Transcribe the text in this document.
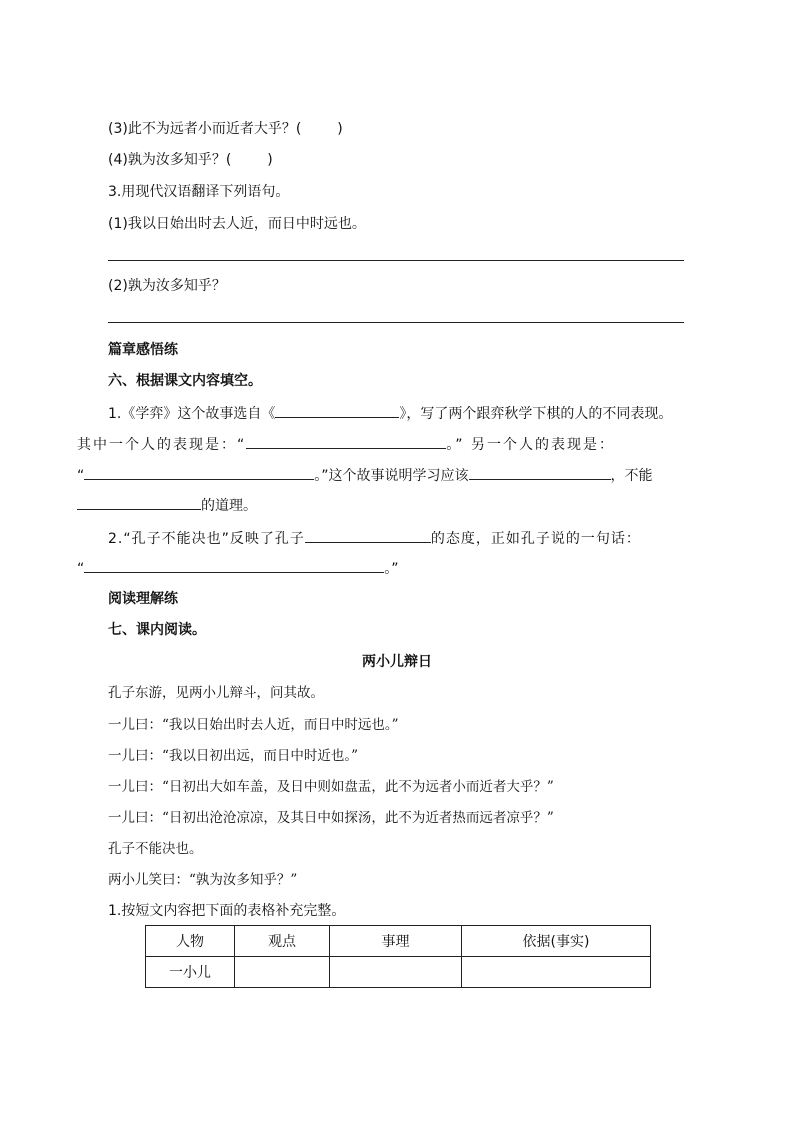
(3)此不为远者小而近者大乎？(	)
(4)孰为汝多知乎？(	)
3.用现代汉语翻译下列语句。
(1)我以日始出时去人近，而日中时远也。
(2)孰为汝多知乎？
篇章感悟练
六、根据课文内容填空。
1.《学弈》这个故事选自《	》，写了两个跟弈秋学下棋的人的不同表现。
其中一个人的表现是：“	。” 另一个人的表现是：
“	。”这个故事说明学习应该	，不能
的道理。
2.“孔子不能决也”反映了孔子	的态度，正如孔子说的一句话：
“	。”
阅读理解练
七、课内阅读。
两小儿辩日
孔子东游，见两小儿辩斗，问其故。
一儿曰：“我以日始出时去人近，而日中时远也。”
一儿曰：“我以日初出远，而日中时近也。”
一儿曰：“日初出大如车盖，及日中则如盘盂，此不为远者小而近者大乎？”
一儿曰：“日初出沧沧凉凉，及其日中如探汤，此不为近者热而远者凉乎？”
孔子不能决也。
两小儿笑曰：“孰为汝多知乎？”
1.按短文内容把下面的表格补充完整。
人物	观点	事理	依据(事实)
一小儿			
